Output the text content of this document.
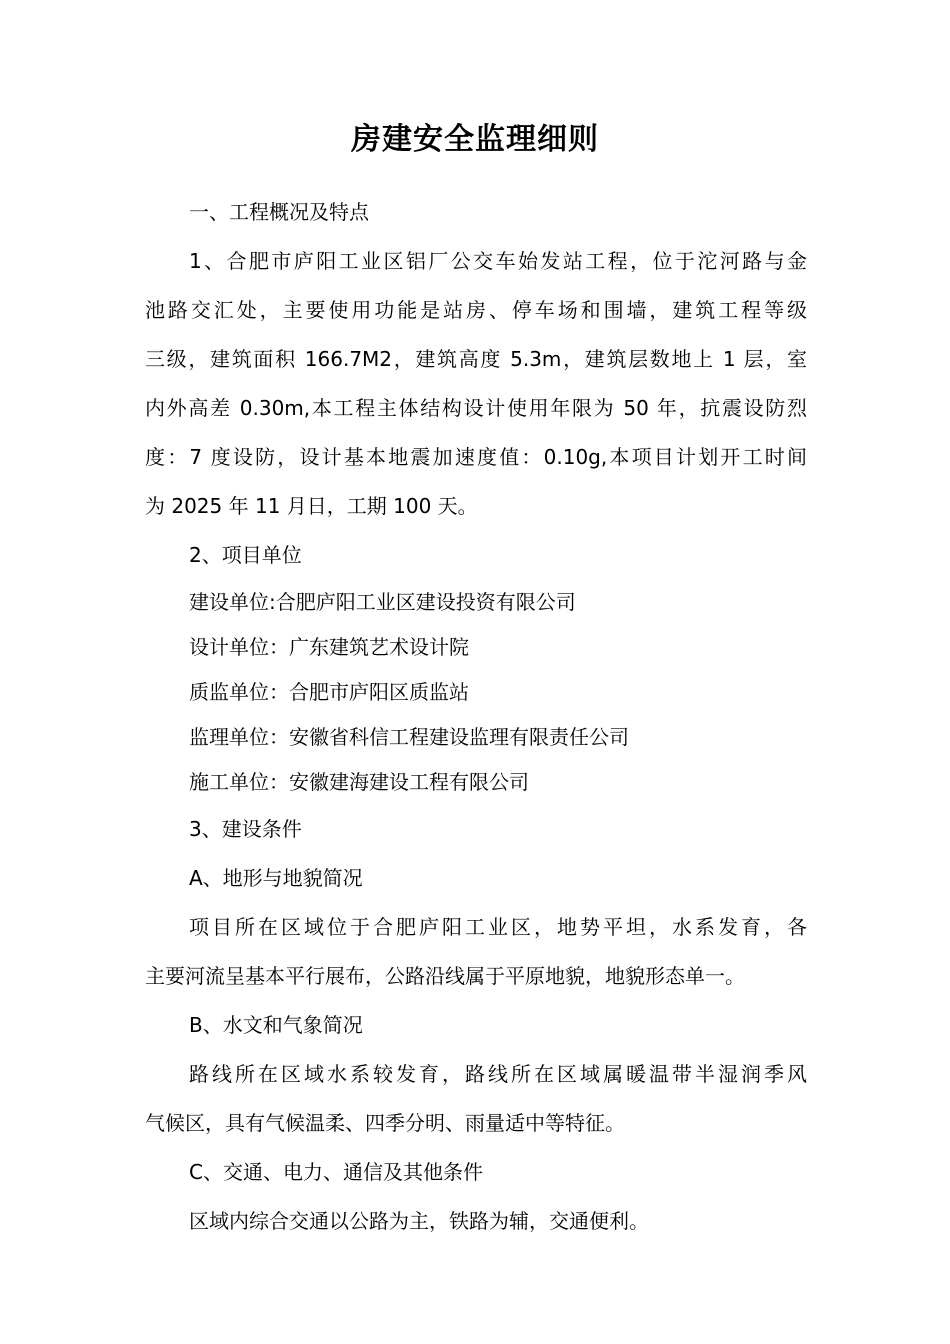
房建安全监理细则
一、工程概况及特点
1、合肥市庐阳工业区铝厂公交车始发站工程，位于沱河路与金
池路交汇处，主要使用功能是站房、停车场和围墙，建筑工程等级
三级，建筑面积 166.7M2，建筑高度 5.3m，建筑层数地上 1 层，室
内外高差 0.30m,本工程主体结构设计使用年限为 50 年，抗震设防烈
度：7 度设防，设计基本地震加速度值：0.10g,本项目计划开工时间
为 2025 年 11 月日，工期 100 天。
2、项目单位
建设单位:合肥庐阳工业区建设投资有限公司
设计单位：广东建筑艺术设计院
质监单位：合肥市庐阳区质监站
监理单位：安徽省科信工程建设监理有限责任公司
施工单位：安徽建海建设工程有限公司
3、建设条件
A、地形与地貌简况
项目所在区域位于合肥庐阳工业区，地势平坦，水系发育，各
主要河流呈基本平行展布，公路沿线属于平原地貌，地貌形态单一。
B、水文和气象简况
路线所在区域水系较发育，路线所在区域属暖温带半湿润季风
气候区，具有气候温柔、四季分明、雨量适中等特征。
C、交通、电力、通信及其他条件
区域内综合交通以公路为主，铁路为辅，交通便利。
